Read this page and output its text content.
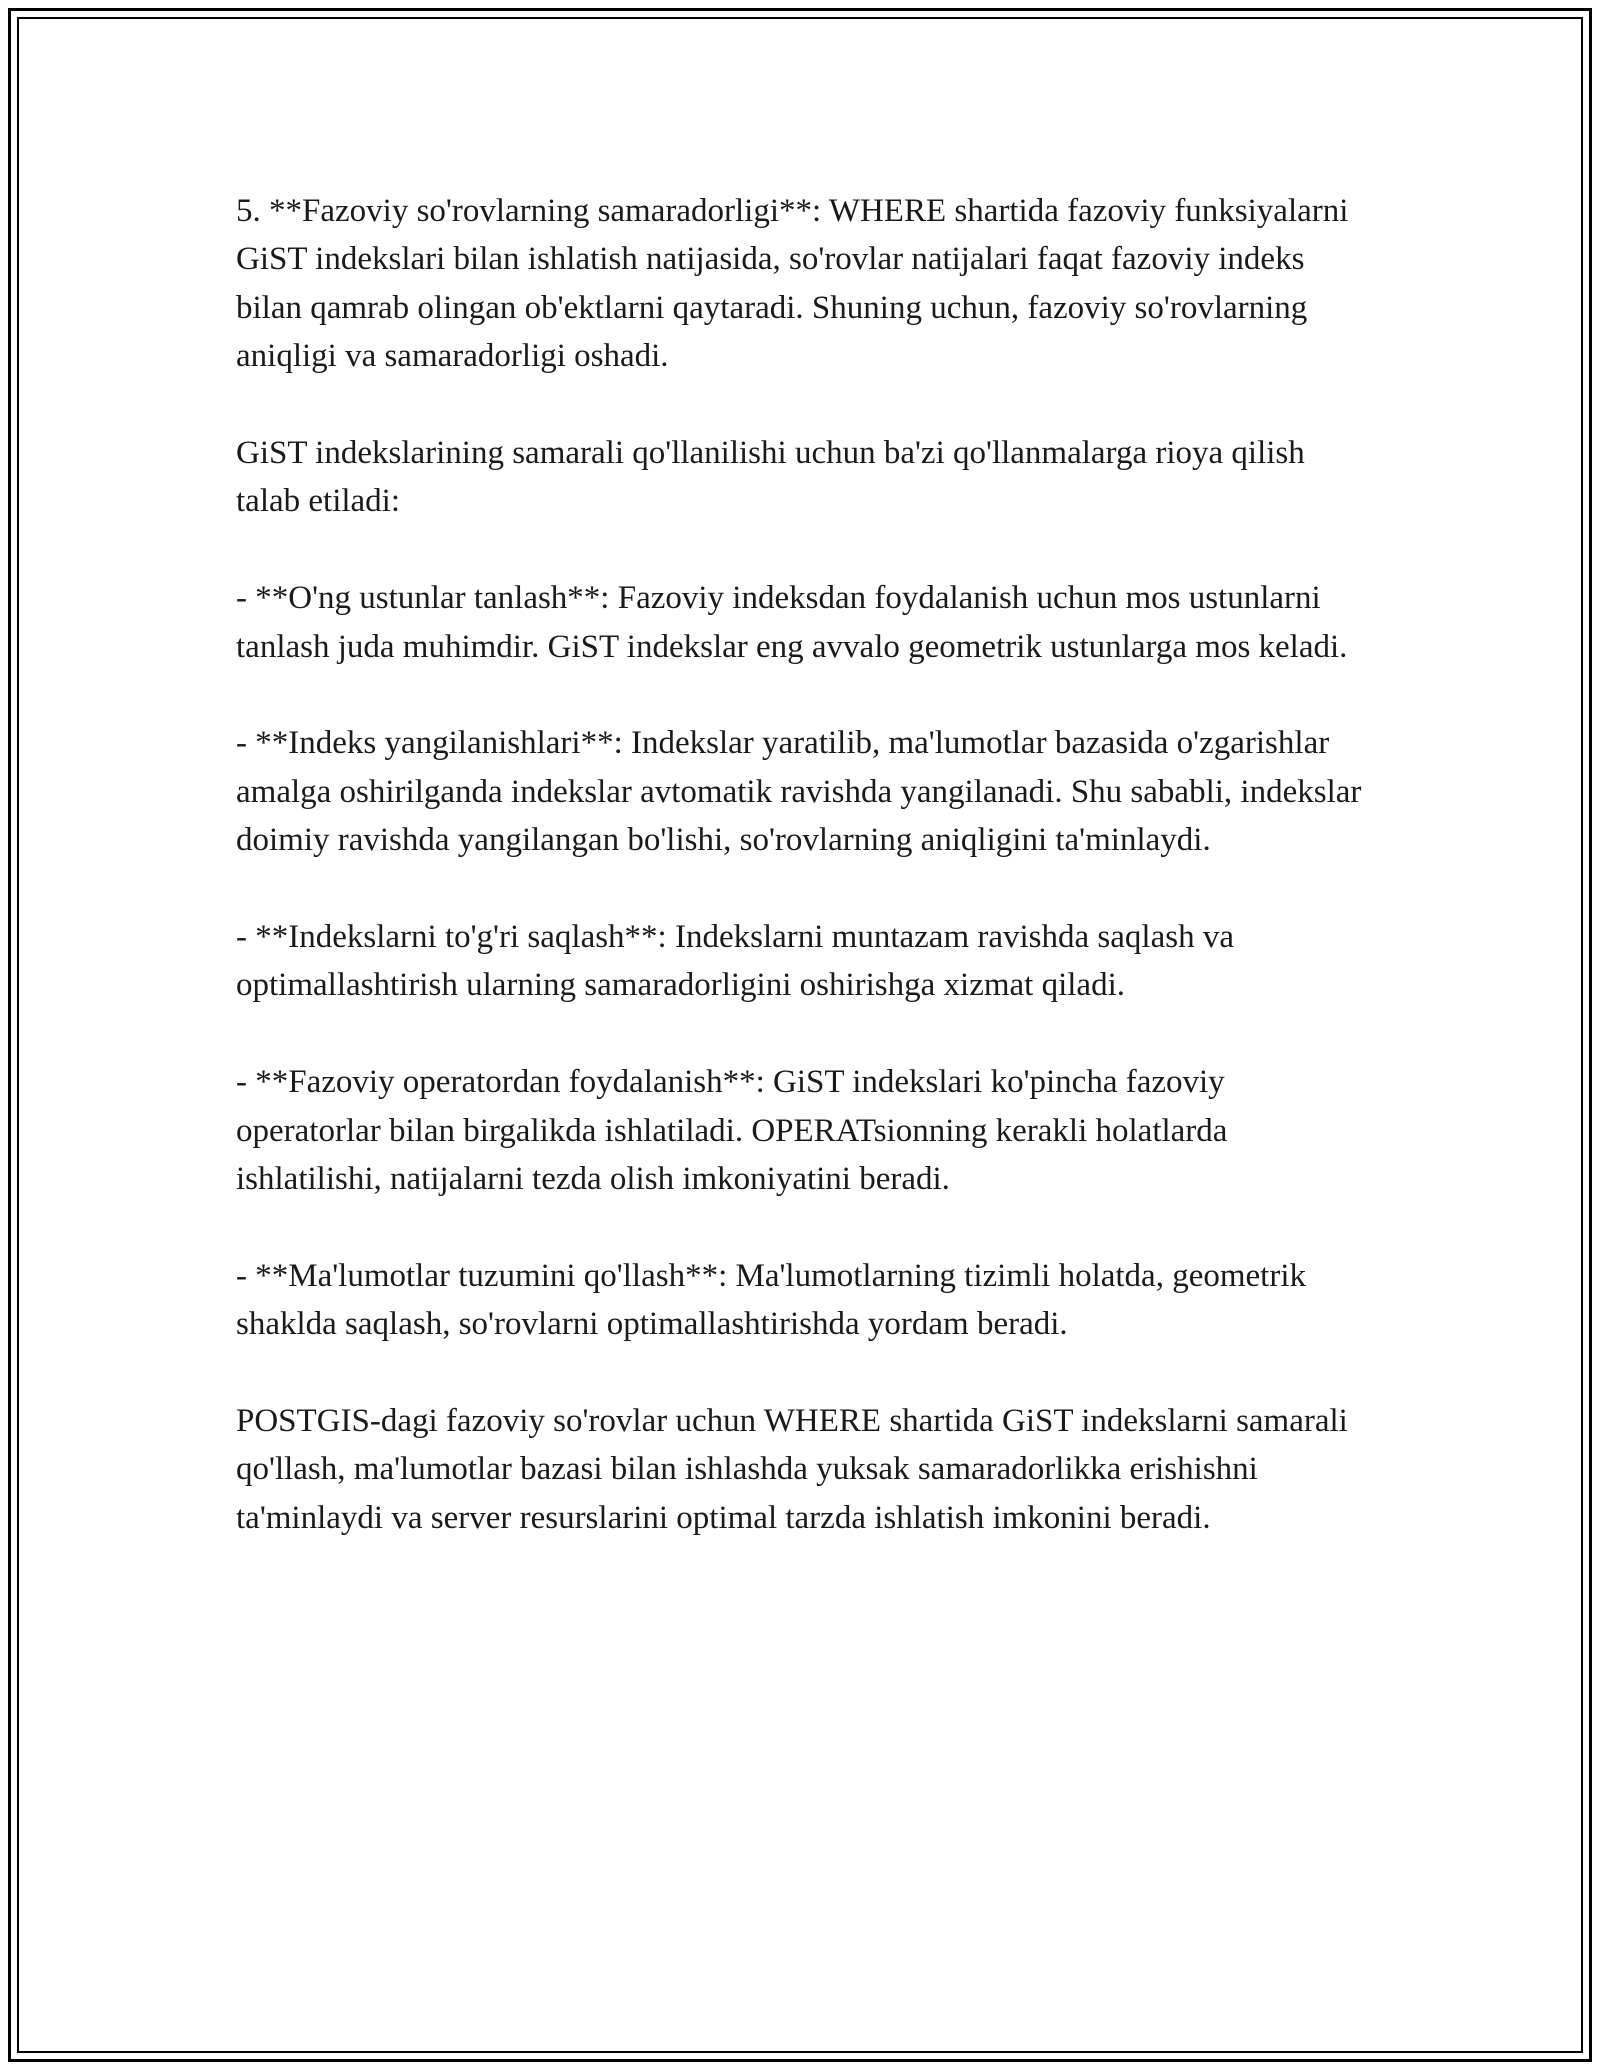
5. **Fazoviy so'rovlarning samaradorligi**: WHERE shartida fazoviy funksiyalarni GiST indekslari bilan ishlatish natijasida, so'rovlar natijalari faqat fazoviy indeks bilan qamrab olingan ob'ektlarni qaytaradi. Shuning uchun, fazoviy so'rovlarning aniqligi va samaradorligi oshadi.

GiST indekslarining samarali qo'llanilishi uchun ba'zi qo'llanmalarga rioya qilish talab etiladi:

- **O'ng ustunlar tanlash**: Fazoviy indeksdan foydalanish uchun mos ustunlarni tanlash juda muhimdir. GiST indekslar eng avvalo geometrik ustunlarga mos keladi.

- **Indeks yangilanishlari**: Indekslar yaratilib, ma'lumotlar bazasida o'zgarishlar amalga oshirilganda indekslar avtomatik ravishda yangilanadi. Shu sababli, indekslar doimiy ravishda yangilangan bo'lishi, so'rovlarning aniqligini ta'minlaydi.

- **Indekslarni to'g'ri saqlash**: Indekslarni muntazam ravishda saqlash va optimallashtirish ularning samaradorligini oshirishga xizmat qiladi.

- **Fazoviy operatordan foydalanish**: GiST indekslari ko'pincha fazoviy operatorlar bilan birgalikda ishlatiladi. OPERATsionning kerakli holatlarda ishlatilishi, natijalarni tezda olish imkoniyatini beradi.

- **Ma'lumotlar tuzumini qo'llash**: Ma'lumotlarning tizimli holatda, geometrik shaklda saqlash, so'rovlarni optimallashtirishda yordam beradi.

POSTGIS-dagi fazoviy so'rovlar uchun WHERE shartida GiST indekslarni samarali qo'llash, ma'lumotlar bazasi bilan ishlashda yuksak samaradorlikka erishishni ta'minlaydi va server resurslarini optimal tarzda ishlatish imkonini beradi.
